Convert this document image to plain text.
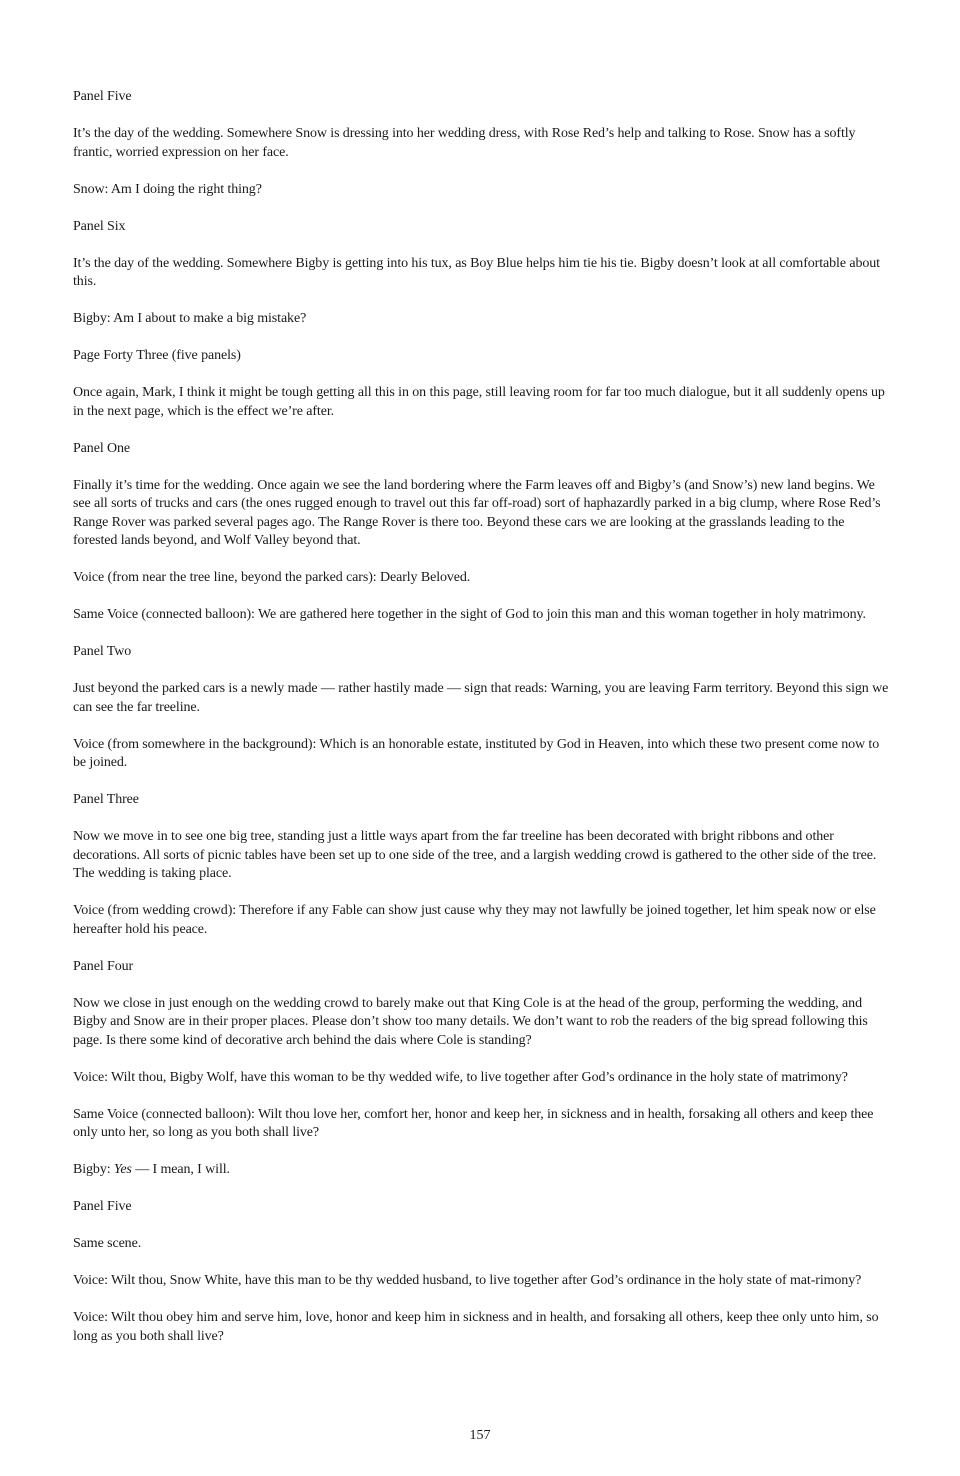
Panel Five

It’s the day of the wedding. Somewhere Snow is dressing into her wedding dress, with Rose Red’s help and talking to Rose. Snow has a softly frantic, worried expression on her face.

Snow: Am I doing the right thing?

Panel Six

It’s the day of the wedding. Somewhere Bigby is getting into his tux, as Boy Blue helps him tie his tie. Bigby doesn’t look at all comfortable about this.

Bigby: Am I about to make a big mistake?

Page Forty Three (five panels)

Once again, Mark, I think it might be tough getting all this in on this page, still leaving room for far too much dialogue, but it all suddenly opens up in the next page, which is the effect we’re after.

Panel One

Finally it’s time for the wedding. Once again we see the land bordering where the Farm leaves off and Bigby’s (and Snow’s) new land begins. We see all sorts of trucks and cars (the ones rugged enough to travel out this far off-road) sort of haphazardly parked in a big clump, where Rose Red’s Range Rover was parked several pages ago. The Range Rover is there too. Beyond these cars we are looking at the grasslands leading to the forested lands beyond, and Wolf Valley beyond that.

Voice (from near the tree line, beyond the parked cars): Dearly Beloved.

Same Voice (connected balloon): We are gathered here together in the sight of God to join this man and this woman together in holy matrimony.

Panel Two

Just beyond the parked cars is a newly made — rather hastily made — sign that reads: Warning, you are leaving Farm territory. Beyond this sign we can see the far treeline.

Voice (from somewhere in the background): Which is an honorable estate, instituted by God in Heaven, into which these two present come now to be joined.

Panel Three

Now we move in to see one big tree, standing just a little ways apart from the far treeline has been decorated with bright ribbons and other decorations. All sorts of picnic tables have been set up to one side of the tree, and a largish wedding crowd is gathered to the other side of the tree. The wedding is taking place.

Voice (from wedding crowd): Therefore if any Fable can show just cause why they may not lawfully be joined together, let him speak now or else hereafter hold his peace.

Panel Four

Now we close in just enough on the wedding crowd to barely make out that King Cole is at the head of the group, performing the wedding, and Bigby and Snow are in their proper places. Please don’t show too many details. We don’t want to rob the readers of the big spread following this page. Is there some kind of decorative arch behind the dais where Cole is standing?

Voice: Wilt thou, Bigby Wolf, have this woman to be thy wedded wife, to live together after God’s ordinance in the holy state of matrimony?

Same Voice (connected balloon): Wilt thou love her, comfort her, honor and keep her, in sickness and in health, forsaking all others and keep thee only unto her, so long as you both shall live?

Bigby: Yes — I mean, I will.

Panel Five

Same scene.

Voice: Wilt thou, Snow White, have this man to be thy wedded husband, to live together after God’s ordinance in the holy state of mat-rimony?

Voice: Wilt thou obey him and serve him, love, honor and keep him in sickness and in health, and forsaking all others, keep thee only unto him, so long as you both shall live?

157
